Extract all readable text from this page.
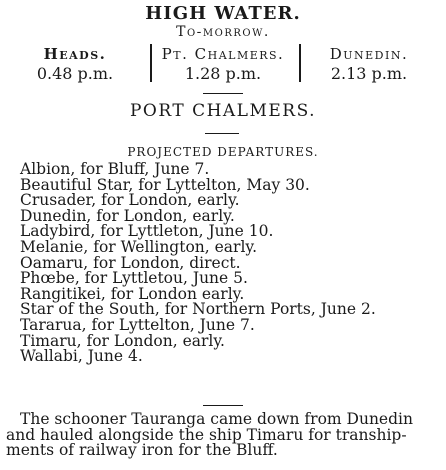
HIGH WATER.
To-morrow.
Heads.
0.48 p.m.
Pt. Chalmers.
1.28 p.m.
Dunedin.
2.13 p.m.
PORT CHALMERS.
PROJECTED DEPARTURES.
Albion, for Bluff, June 7.
Beautiful Star, for Lyttelton, May 30.
Crusader, for London, early.
Dunedin, for London, early.
Ladybird, for Lyttleton, June 10.
Melanie, for Wellington, early.
Oamaru, for London, direct.
Phœbe, for Lyttletou, June 5.
Rangitikei, for London early.
Star of the South, for Northern Ports, June 2.
Tararua, for Lyttelton, June 7.
Timaru, for London, early.
Wallabi, June 4.
The schooner Tauranga came down from Dunedin
and hauled alongside the ship Timaru for tranship-
ments of railway iron for the Bluff.
